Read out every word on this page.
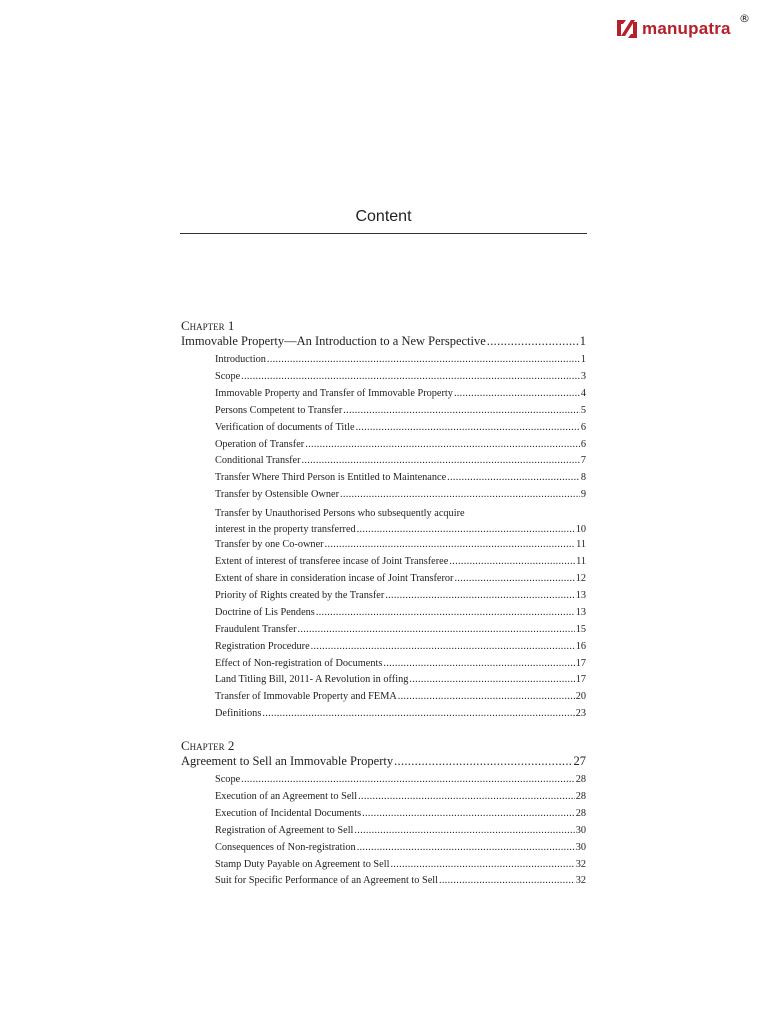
manupatra
®
Content
Chapter 1
Immovable Property—An Introduction to a New Perspective .....	1
Introduction .....	1
Scope .....	3
Immovable Property and Transfer of Immovable Property .....	4
Persons Competent to Transfer .....	5
Verification of documents of Title .....	6
Operation of Transfer .....	6
Conditional Transfer .....	7
Transfer Where Third Person is Entitled to Maintenance .....	8
Transfer by Ostensible Owner .....	9
Transfer by Unauthorised Persons who subsequently acquire
interest in the property transferred .....	10
Transfer by one Co-owner .....	11
Extent of interest of transferee incase of Joint Transferee .....	11
Extent of share in consideration incase of Joint Transferor .....	12
Priority of Rights created by the Transfer .....	13
Doctrine of Lis Pendens .....	13
Fraudulent Transfer .....	15
Registration Procedure .....	16
Effect of Non-registration of Documents .....	17
Land Titling Bill, 2011- A Revolution in offing .....	17
Transfer of Immovable Property and FEMA .....	20
Definitions .....	23
Chapter 2
Agreement to Sell an Immovable Property .....	27
Scope .....	28
Execution of an Agreement to Sell .....	28
Execution of Incidental Documents .....	28
Registration of Agreement to Sell .....	30
Consequences of Non-registration .....	30
Stamp Duty Payable on Agreement to Sell .....	32
Suit for Specific Performance of an Agreement to Sell .....	32
